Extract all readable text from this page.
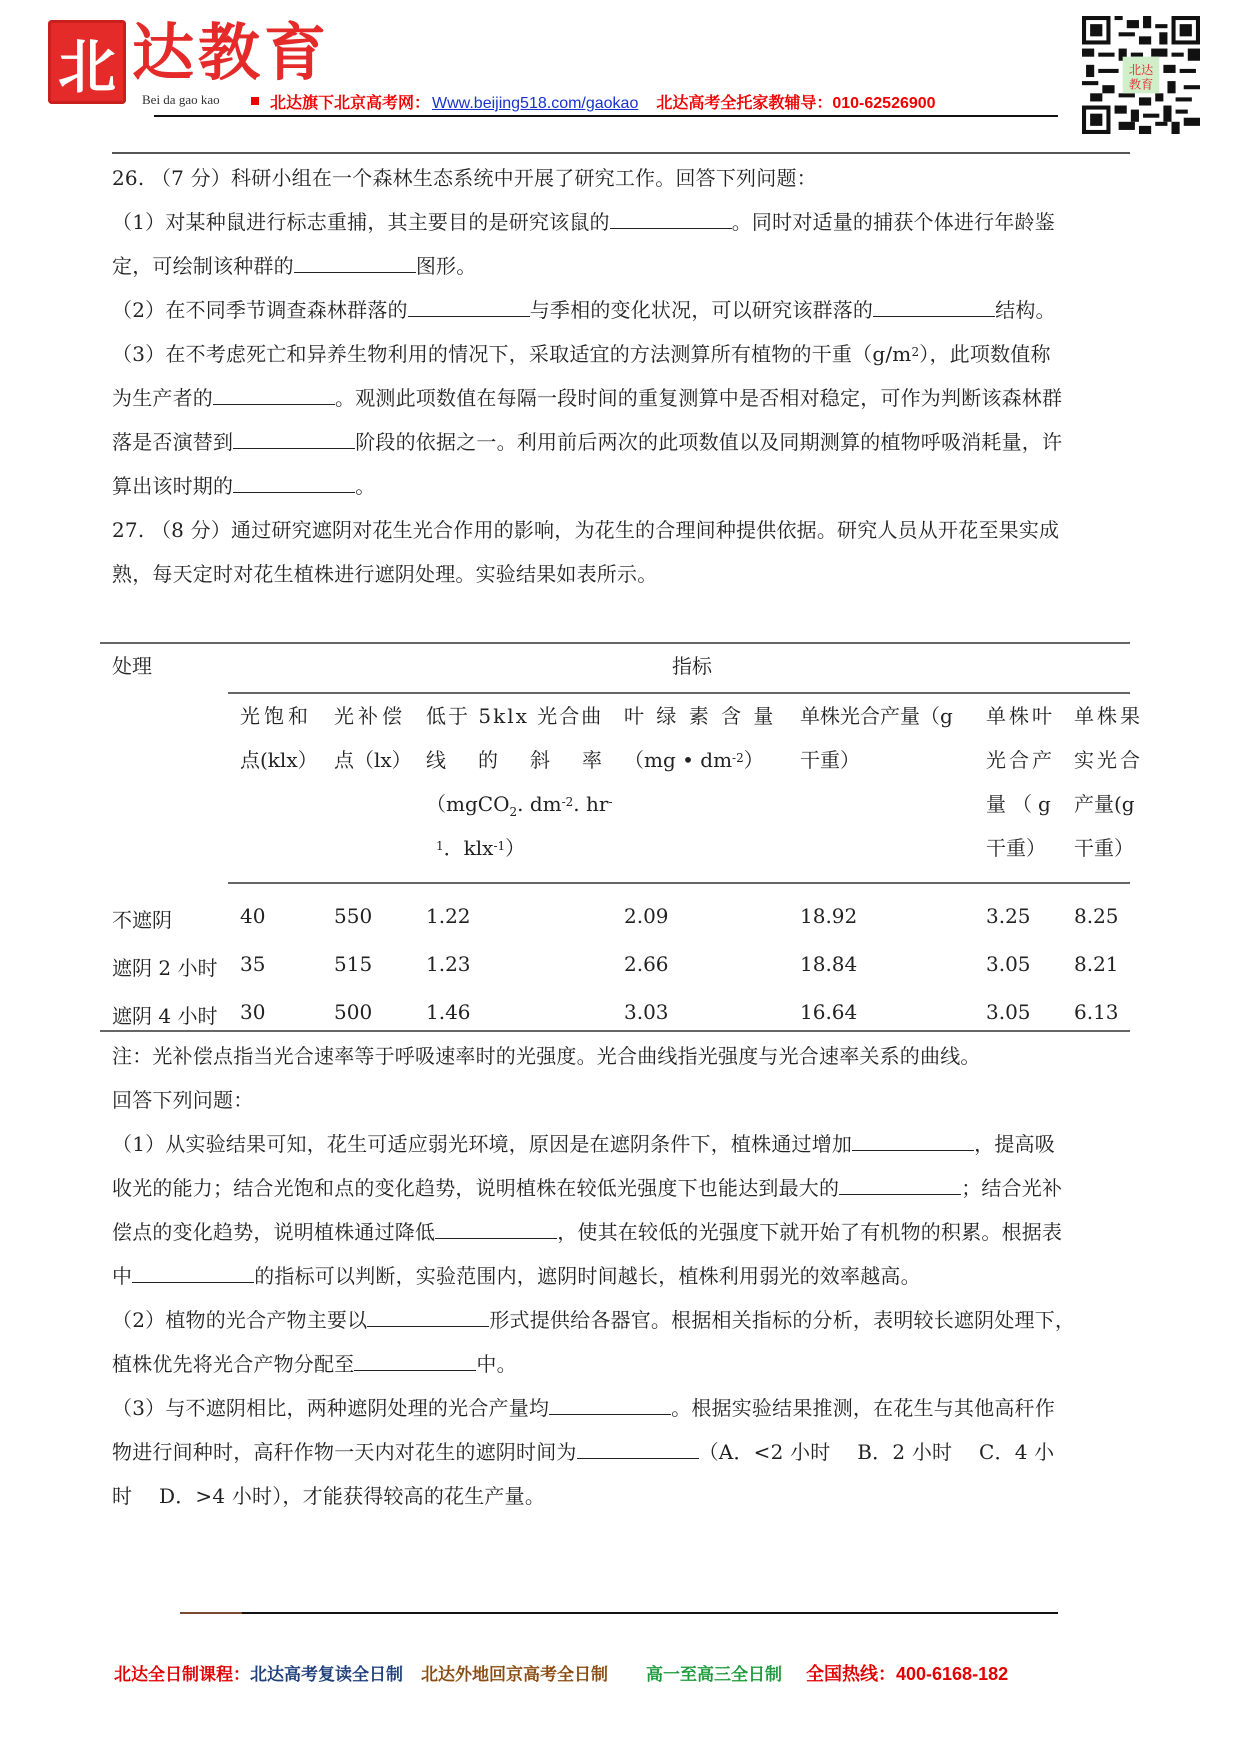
北 达教育
Bei da gao kao	北达旗下北京高考网： Www.beijing518.com/gaokao 北达高考全托家教辅导：010-62526900
北达
教育
26. （7 分）科研小组在一个森林生态系统中开展了研究工作。回答下列问题：
（1）对某种鼠进行标志重捕，其主要目的是研究该鼠的	。同时对适量的捕获个体进行年龄鉴
定，可绘制该种群的	图形。
（2）在不同季节调查森林群落的	与季相的变化状况，可以研究该群落的	结构。
（3）在不考虑死亡和异养生物利用的情况下，采取适宜的方法测算所有植物的干重$(g/m^2)$，此项数值称
为生产者的	。观测此项数值在每隔一段时间的重复测算中是否相对稳定，可作为判断该森林群
落是否演替到	阶段的依据之一。利用前后两次的此项数值以及同期测算的植物呼吸消耗量，许
算出该时期的	。
27. （8 分）通过研究遮阴对花生光合作用的影响，为花生的合理间种提供依据。研究人员从开花至果实成
熟，每天定时对花生植株进行遮阴处理。实验结果如表所示。
处理	指标
光饱和
点(klx）
光补偿
点（lx）
低于 5klx 光合曲
线　的　斜　率
（mgCO$_2$. $dm^{-2}$. hr-
$^1$．klx$^{-1}$）
叶 绿 素 含 量
（mg • $dm^{-2}$）
单株光合产量（g
干重）
单株叶
光合产
量（g
干重）
单株果
实光合
产量(g
干重）
不遮阴	40	550	1.22	2.09	18.92	3.25 8.25
遮阴 2 小时 35	515	1.23	2.66	18.84	3.05 8.21
遮阴 4 小时 30	500	1.46	3.03	16.64	3.05 6.13
注：光补偿点指当光合速率等于呼吸速率时的光强度。光合曲线指光强度与光合速率关系的曲线。
回答下列问题：
（1）从实验结果可知，花生可适应弱光环境，原因是在遮阴条件下，植株通过增加	，提高吸
收光的能力；结合光饱和点的变化趋势，说明植株在较低光强度下也能达到最大的	；结合光补
偿点的变化趋势，说明植株通过降低	，使其在较低的光强度下就开始了有机物的积累。根据表
中	的指标可以判断，实验范围内，遮阴时间越长，植株利用弱光的效率越高。
（2）植物的光合产物主要以	形式提供给各器官。根据相关指标的分析，表明较长遮阴处理下，
植株优先将光合产物分配至	中。
（3）与不遮阴相比，两种遮阴处理的光合产量均	。根据实验结果推测，在花生与其他高秆作
物进行间种时，高秆作物一天内对花生的遮阴时间为	（A．<2 小时　 B．2 小时　 C．4 小
时　 D．>4 小时），才能获得较高的花生产量。
北达全日制课程：北达高考复读全日制 北达外地回京高考全日制 高一至高三全日制 全国热线：400-6168-182
